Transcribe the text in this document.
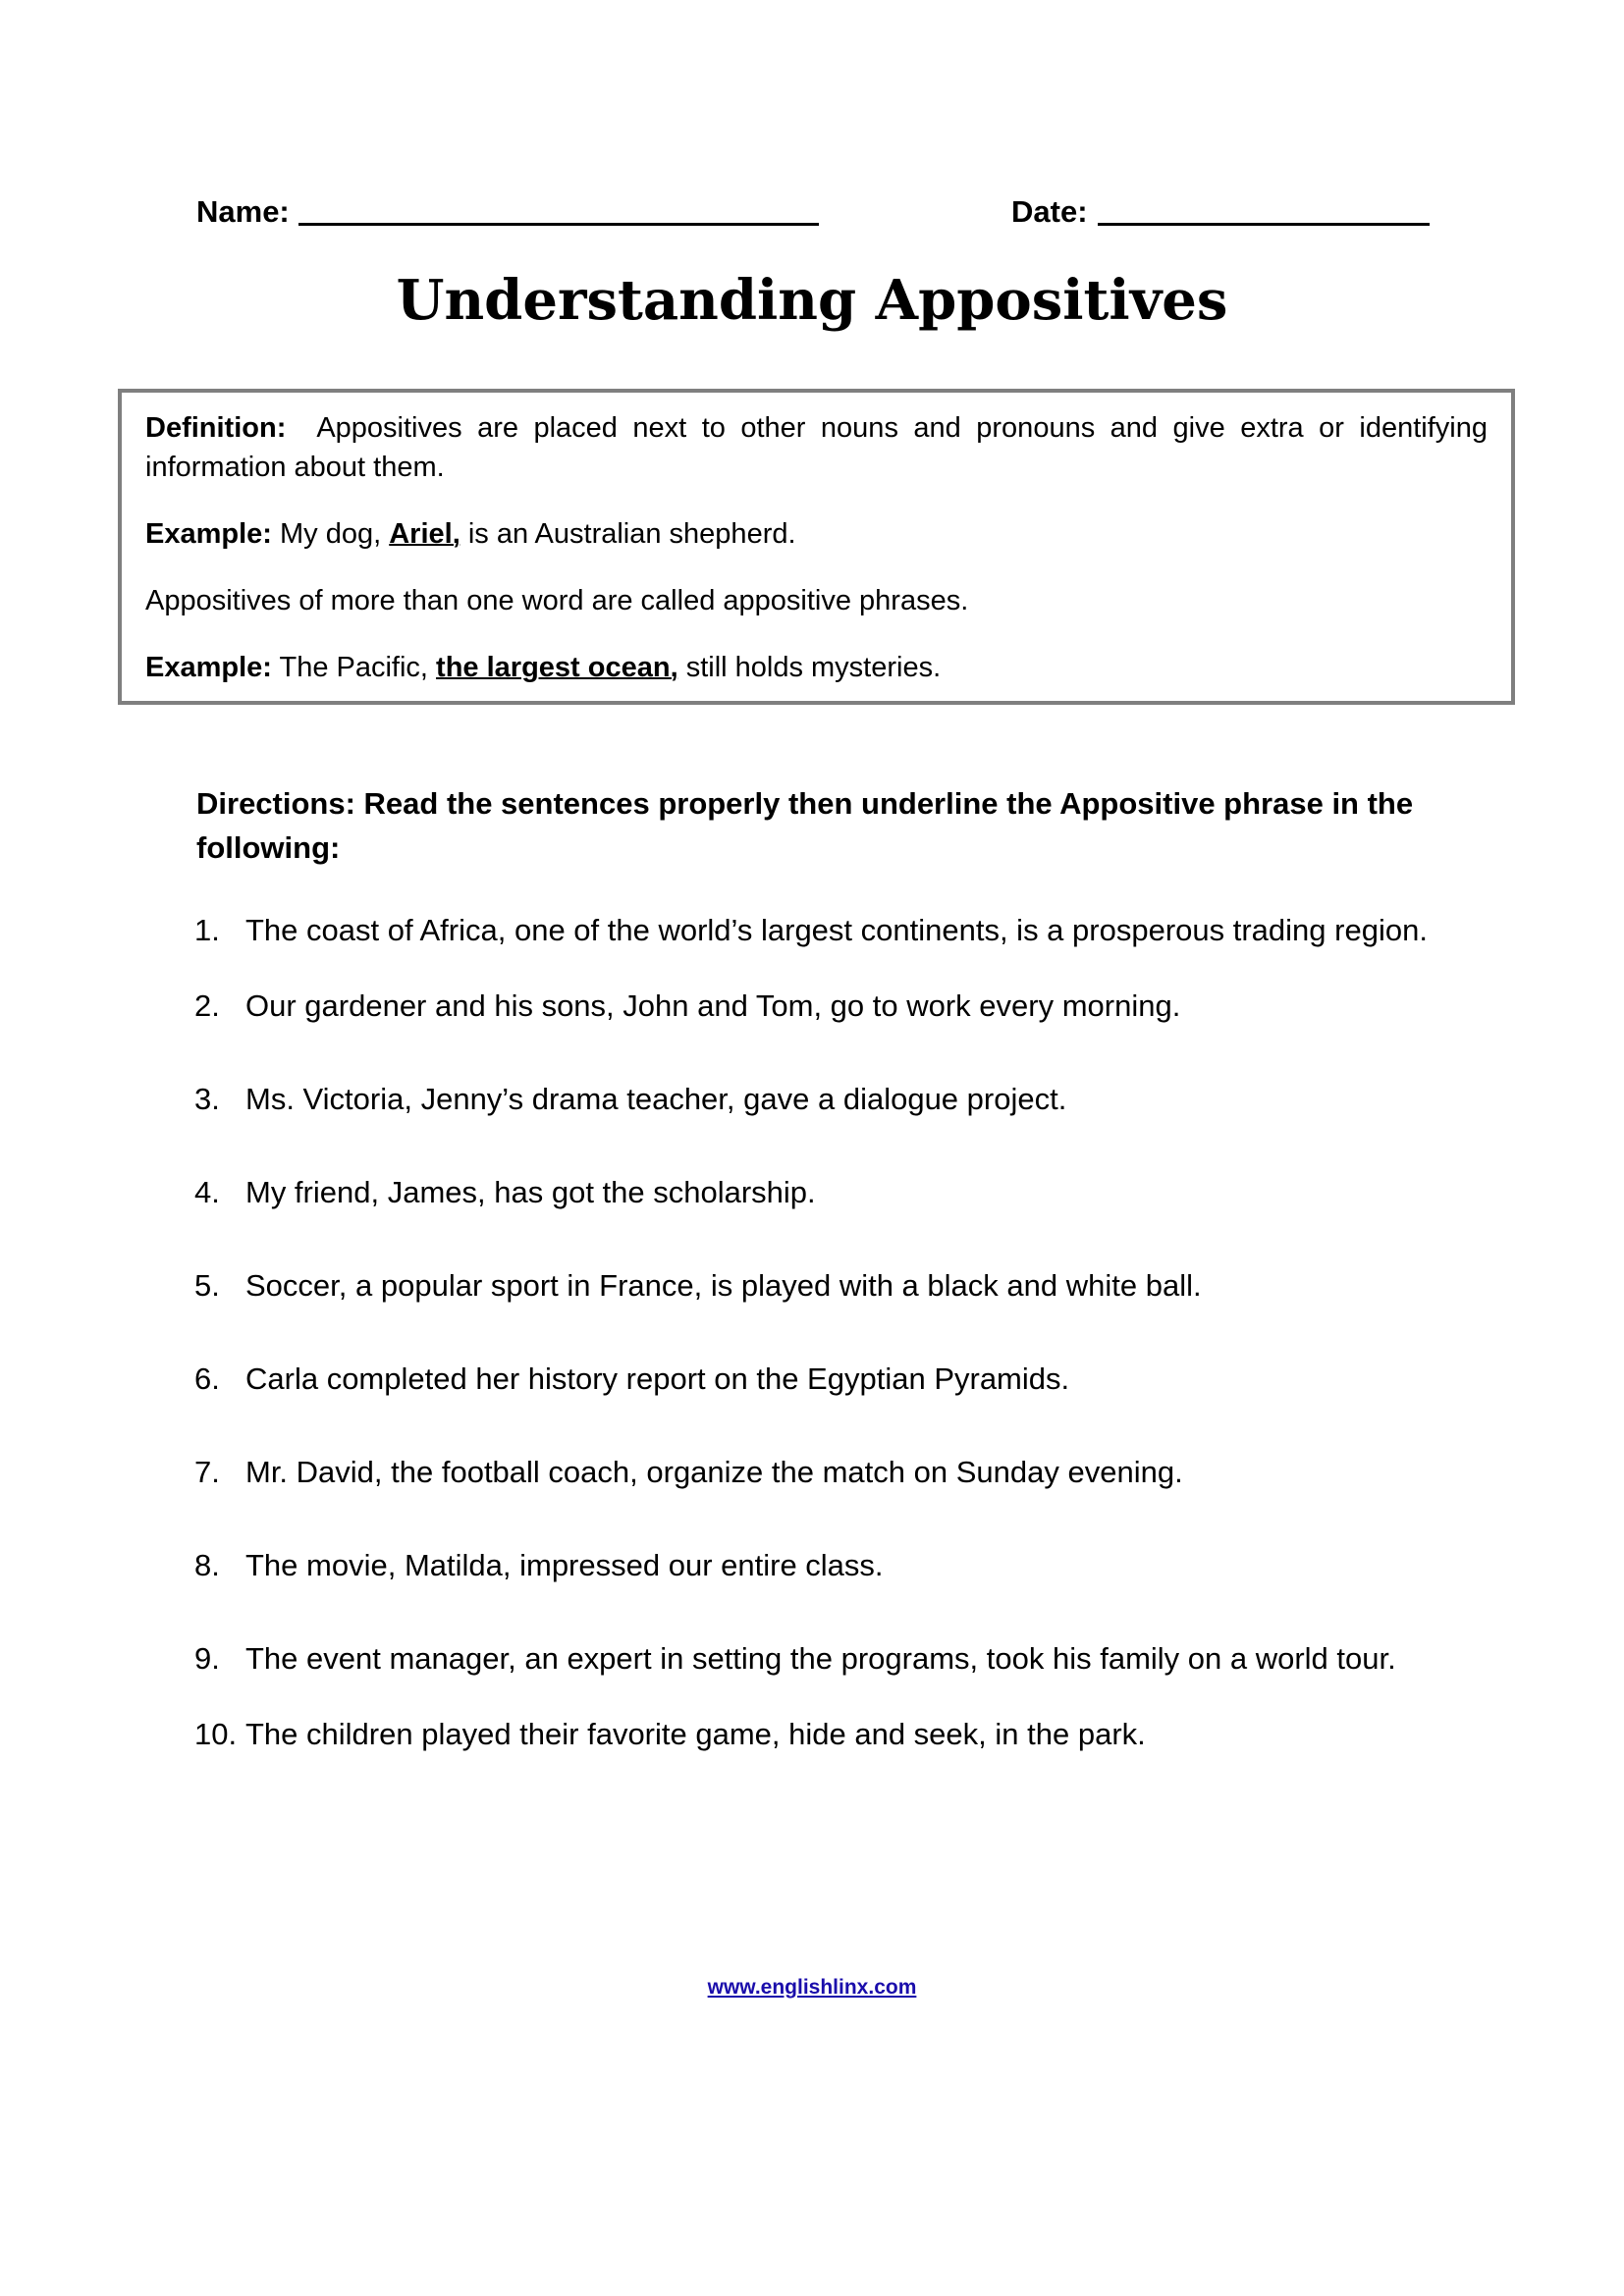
Name:	Date:
Understanding Appositives

Definition: Appositives are placed next to other nouns and pronouns and give extra or identifying information about them.

Example: My dog, Ariel, is an Australian shepherd.

Appositives of more than one word are called appositive phrases.

Example: The Pacific, the largest ocean, still holds mysteries.

Directions: Read the sentences properly then underline the Appositive phrase in the following:

1. The coast of Africa, one of the world’s largest continents, is a prosperous trading region.
2. Our gardener and his sons, John and Tom, go to work every morning.
3. Ms. Victoria, Jenny’s drama teacher, gave a dialogue project.
4. My friend, James, has got the scholarship.
5. Soccer, a popular sport in France, is played with a black and white ball.
6. Carla completed her history report on the Egyptian Pyramids.
7. Mr. David, the football coach, organize the match on Sunday evening.
8. The movie, Matilda, impressed our entire class.
9. The event manager, an expert in setting the programs, took his family on a world tour.
10. The children played their favorite game, hide and seek, in the park.
www.englishlinx.com
